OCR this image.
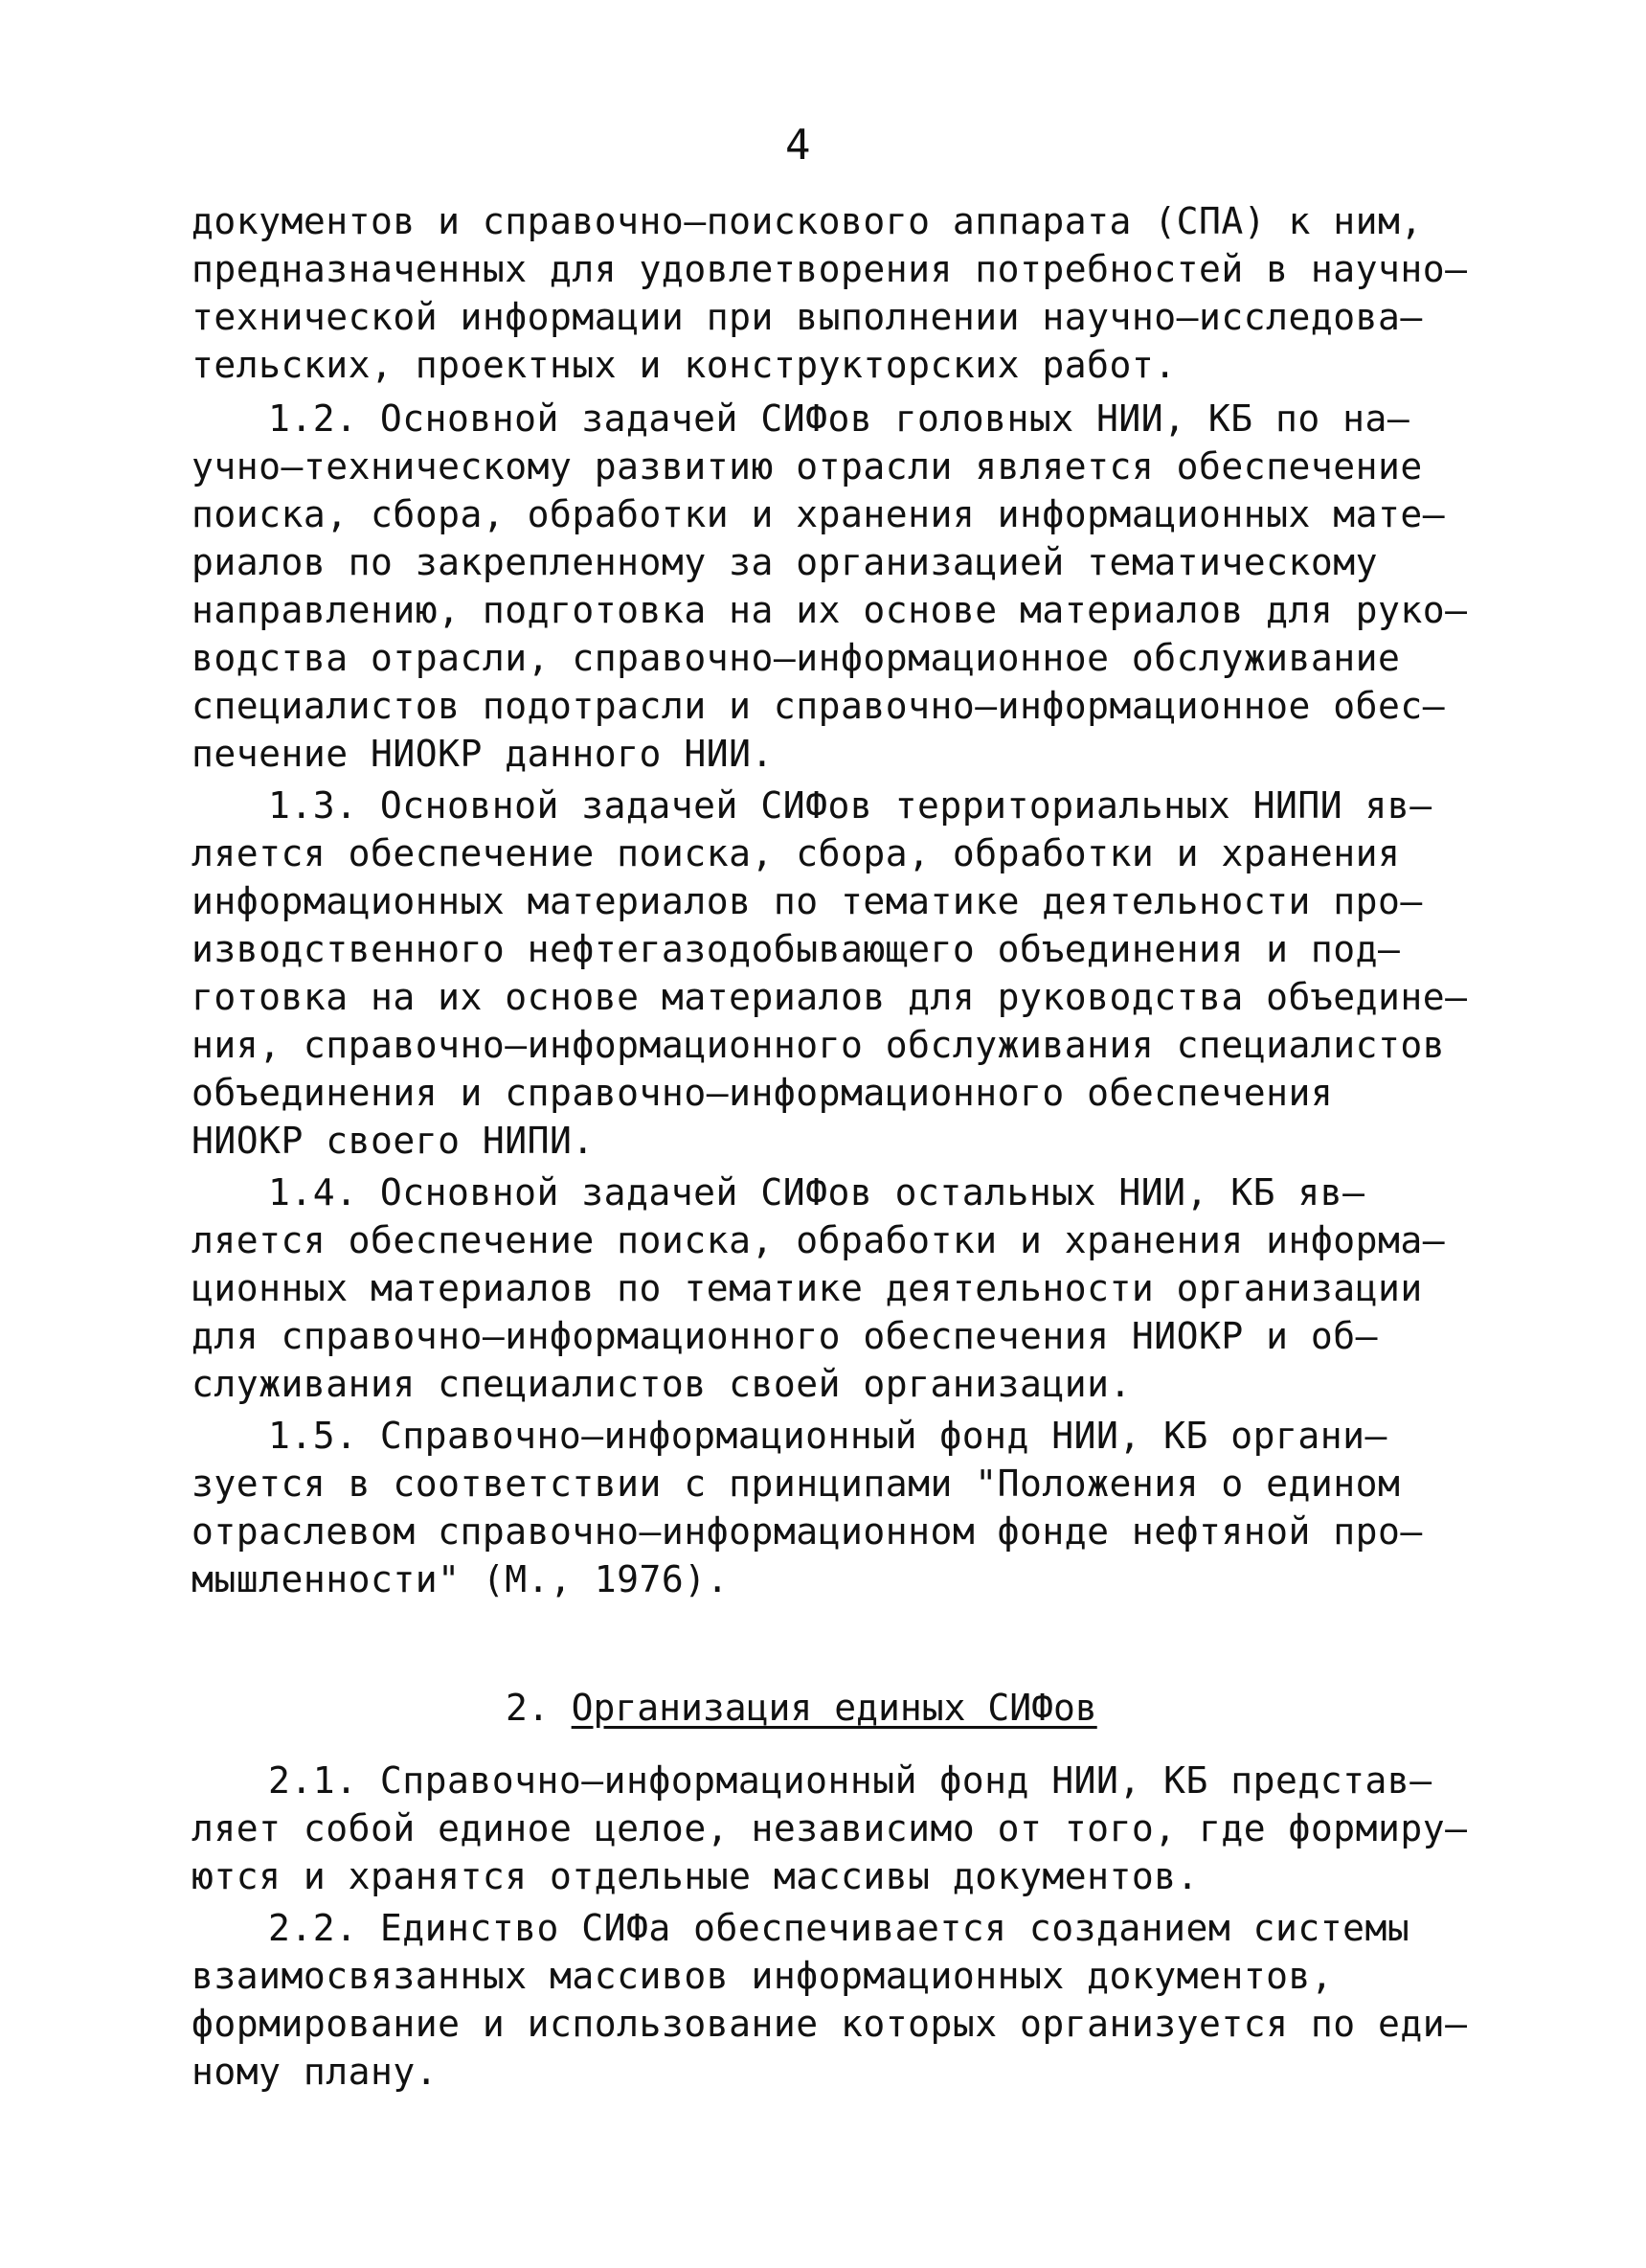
4
документов и справочно–поискового аппарата (СПА) к ним,
предназначенных для удовлетворения потребностей в научно–
технической информации при выполнении научно–исследова–
тельских, проектных и конструкторских работ.
1.2. Основной задачей СИФов головных НИИ, КБ по на–
учно–техническому развитию отрасли является обеспечение
поиска, сбора, обработки и хранения информационных мате–
риалов по закрепленному за организацией тематическому
направлению, подготовка на их основе материалов для руко–
водства отрасли, справочно–информационное обслуживание
специалистов подотрасли и справочно–информационное обес–
печение НИОКР данного НИИ.
1.3. Основной задачей СИФов территориальных НИПИ яв–
ляется обеспечение поиска, сбора, обработки и хранения
информационных материалов по тематике деятельности про–
изводственного нефтегазодобывающего объединения и под–
готовка на их основе материалов для руководства объедине–
ния, справочно–информационного обслуживания специалистов
объединения и справочно–информационного обеспечения
НИОКР своего НИПИ.
1.4. Основной задачей СИФов остальных НИИ, КБ яв–
ляется обеспечение поиска, обработки и хранения информа–
ционных материалов по тематике деятельности организации
для справочно–информационного обеспечения НИОКР и об–
служивания специалистов своей организации.
1.5. Справочно–информационный фонд НИИ, КБ органи–
зуется в соответствии с принципами "Положения о едином
отраслевом справочно–информационном фонде нефтяной про–
мышленности" (М., 1976).
2. Организация единых СИФов
2.1. Справочно–информационный фонд НИИ, КБ представ–
ляет собой единое целое, независимо от того, где формиру–
ются и хранятся отдельные массивы документов.
2.2. Единство СИФа обеспечивается созданием системы
взаимосвязанных массивов информационных документов,
формирование и использование которых организуется по еди–
ному плану.
